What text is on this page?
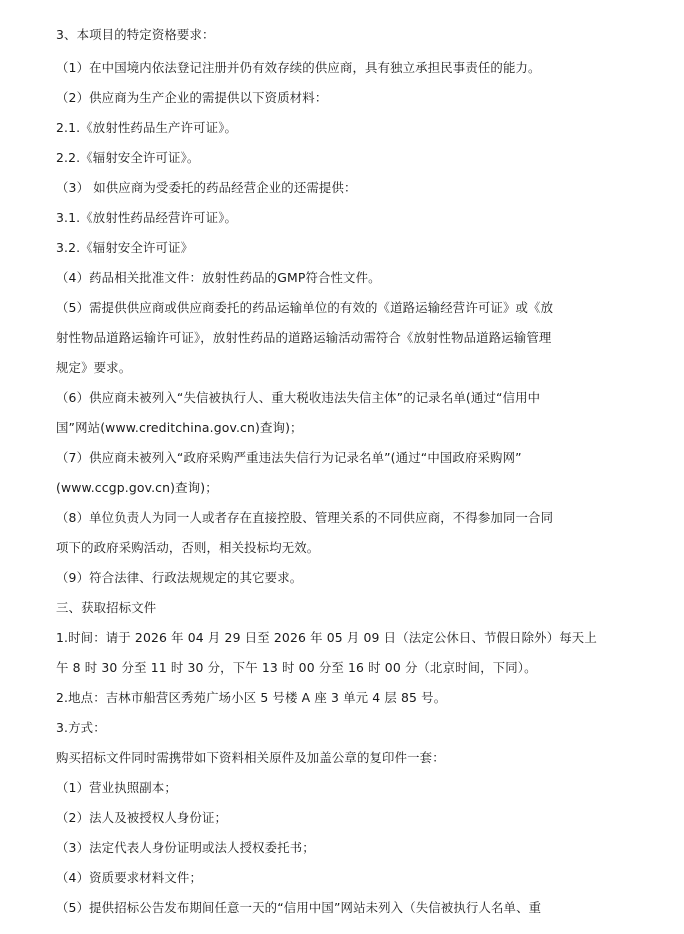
3、本项目的特定资格要求：
（1）在中国境内依法登记注册并仍有效存续的供应商，具有独立承担民事责任的能力。
（2）供应商为生产企业的需提供以下资质材料：
2.1.《放射性药品生产许可证》。
2.2.《辐射安全许可证》。
（3） 如供应商为受委托的药品经营企业的还需提供：
3.1.《放射性药品经营许可证》。
3.2.《辐射安全许可证》
（4）药品相关批准文件：放射性药品的GMP符合性文件。
（5）需提供供应商或供应商委托的药品运输单位的有效的《道路运输经营许可证》或《放
射性物品道路运输许可证》，放射性药品的道路运输活动需符合《放射性物品道路运输管理
规定》要求。
（6）供应商未被列入“失信被执行人、重大税收违法失信主体”的记录名单(通过“信用中
国”网站(www.creditchina.gov.cn)查询)；
（7）供应商未被列入“政府采购严重违法失信行为记录名单”(通过“中国政府采购网”
(www.ccgp.gov.cn)查询)；
（8）单位负责人为同一人或者存在直接控股、管理关系的不同供应商，不得参加同一合同
项下的政府采购活动，否则，相关投标均无效。
（9）符合法律、行政法规规定的其它要求。
三、获取招标文件
1.时间：请于 2026 年 04 月 29 日至 2026 年 05 月 09 日（法定公休日、节假日除外）每天上
午 8 时 30 分至 11 时 30 分，下午 13 时 00 分至 16 时 00 分（北京时间，下同）。
2.地点：吉林市船营区秀苑广场小区 5 号楼 A 座 3 单元 4 层 85 号。
3.方式：
购买招标文件同时需携带如下资料相关原件及加盖公章的复印件一套：
（1）营业执照副本；
（2）法人及被授权人身份证；
（3）法定代表人身份证明或法人授权委托书；
（4）资质要求材料文件；
（5）提供招标公告发布期间任意一天的“信用中国”网站未列入（失信被执行人名单、重
